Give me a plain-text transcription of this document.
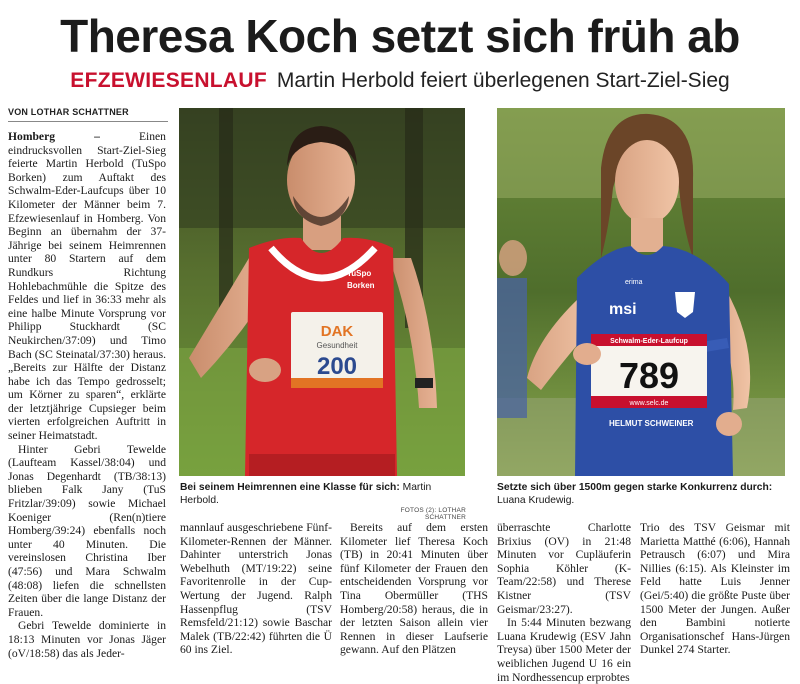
Theresa Koch setzt sich früh ab
EFZEWIESENLAUF Martin Herbold feiert überlegenen Start-Ziel-Sieg
VON LOTHAR SCHATTNER

Homberg – Einen eindrucksvollen Start-Ziel-Sieg feierte Martin Herbold (TuSpo Borken) zum Auftakt des Schwalm-Eder-Laufcups über 10 Kilometer der Männer beim 7. Efzewiesenlauf in Homberg. Von Beginn an übernahm der 37-Jährige bei seinem Heimrennen unter 80 Startern auf dem Rundkurs Richtung Hohlebachmühle die Spitze des Feldes und lief in 36:33 mehr als eine halbe Minute Vorsprung vor Philipp Stuckhardt (SC Neukirchen/37:09) und Timo Bach (SC Steinatal/37:30) heraus. „Bereits zur Hälfte der Distanz habe ich das Tempo gedrosselt; um Körner zu sparen“, erklärte der letztjährige Cupsieger beim vierten erfolgreichen Auftritt in seiner Heimatstadt.

Hinter Gebri Tewelde (Laufteam Kassel/38:04) und Jonas Degenhardt (TB/38:13) blieben Falk Jany (TuS Fritzlar/39:09) sowie Michael Koeniger (Ren(n)tiere Homberg/39:24) ebenfalls noch unter 40 Minuten. Die vereinslosen Christina Iber (47:56) und Mara Schwalm (48:08) liefen die schnellsten Zeiten über die lange Distanz der Frauen.

Gebri Tewelde dominierte in 18:13 Minuten vor Jonas Jäger (oV/18:58) das als Jeder-

TuSpo
Borken
DAK
Gesundheit
200
msi
erima
Schwalm-Eder-Laufcup
789
www.selc.de
HELMUT SCHWEINER
Bei seinem Heimrennen eine Klasse für sich: Martin Herbold.
FOTOS (2): LOTHAR SCHATTNER
Setzte sich über 1500m gegen starke Konkurrenz durch: Luana Krudewig.

mannlauf ausgeschriebene Fünf-Kilometer-Rennen der Männer. Dahinter unterstrich Jonas Webelhuth (MT/19:22) seine Favoritenrolle in der Cup-Wertung der Jugend. Ralph Hassenpflug (TSV Remsfeld/21:12) sowie Baschar Malek (TB/22:42) führten die Ü 60 ins Ziel.

Bereits auf dem ersten Kilometer lief Theresa Koch (TB) in 20:41 Minuten über fünf Kilometer der Frauen den entscheidenden Vorsprung vor Tina Obermüller (THS Homberg/20:58) heraus, die in der letzten Saison allein vier Rennen in dieser Laufserie gewann. Auf den Plätzen

überraschte Charlotte Brixius (OV) in 21:48 Minuten vor Cupläuferin Sophia Köhler (K-Team/22:58) und Therese Kistner (TSV Geismar/23:27).

In 5:44 Minuten bezwang Luana Krudewig (ESV Jahn Treysa) über 1500 Meter der weiblichen Jugend U 16 ein im Nordhessencup erprobtes

Trio des TSV Geismar mit Marietta Matthé (6:06), Hannah Petrausch (6:07) und Mira Nillies (6:15). Als Kleinster im Feld hatte Luis Jenner (Gei/5:40) die größte Puste über 1500 Meter der Jungen. Außer den Bambini notierte Organisationschef Hans-Jürgen Dunkel 274 Starter.
